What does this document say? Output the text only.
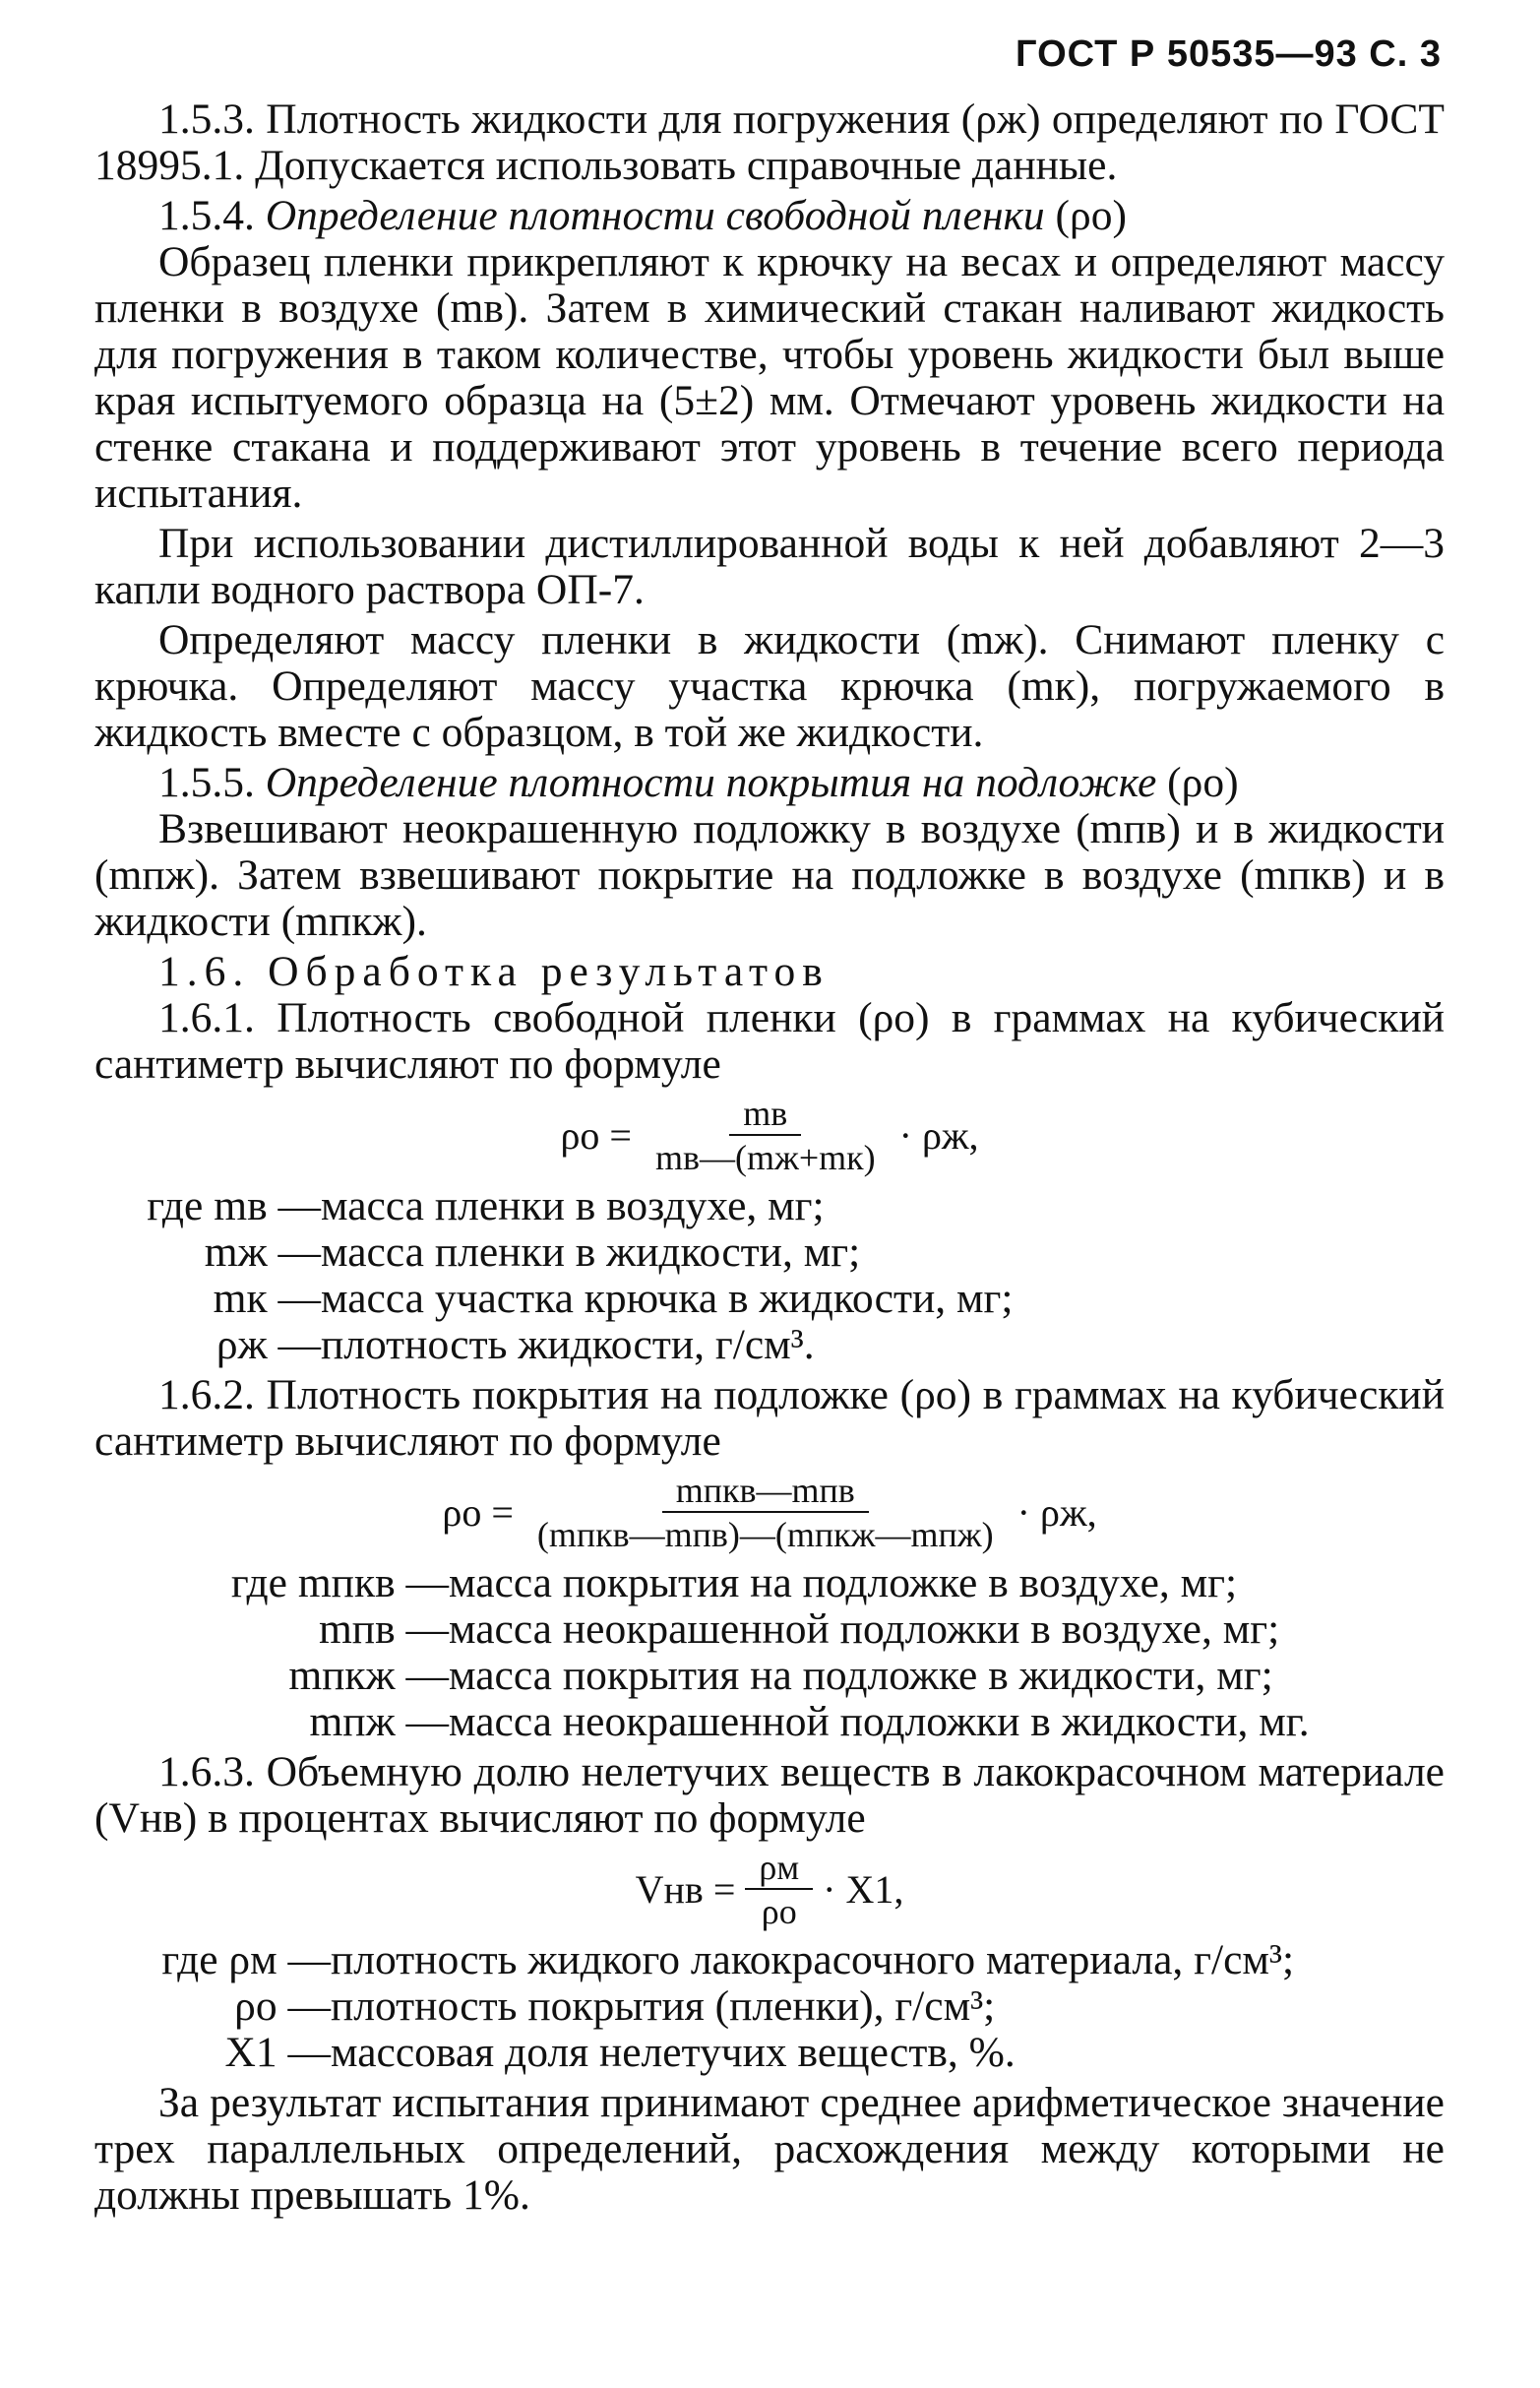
ГОСТ Р 50535—93 С. 3

1.5.3. Плотность жидкости для погружения (ρж) определяют по ГОСТ 18995.1. Допускается использовать справочные данные.

1.5.4. Определение плотности свободной пленки (ρо)

Образец пленки прикрепляют к крючку на весах и определяют массу пленки в воздухе (mв). Затем в химический стакан наливают жидкость для погружения в таком количестве, чтобы уровень жидкости был выше края испытуемого образца на (5±2) мм. Отмечают уровень жидкости на стенке стакана и поддерживают этот уровень в течение всего периода испытания.

При использовании дистиллированной воды к ней добавляют 2—3 капли водного раствора ОП-7.

Определяют массу пленки в жидкости (mж). Снимают пленку с крючка. Определяют массу участка крючка (mк), погружаемого в жидкость вместе с образцом, в той же жидкости.

1.5.5. Определение плотности покрытия на подложке (ρо)

Взвешивают неокрашенную подложку в воздухе (mпв) и в жидкости (mпж). Затем взвешивают покрытие на подложке в воздухе (mпкв) и в жидкости (mпкж).

1.6. Обработка результатов

1.6.1. Плотность свободной пленки (ρо) в граммах на кубический сантиметр вычисляют по формуле

$\rho о = \frac{mв}{mв—(mж+mк)} \cdot \rho ж$,
где mв — масса пленки в воздухе, мг;
mж — масса пленки в жидкости, мг;
mк — масса участка крючка в жидкости, мг;
ρж — плотность жидкости, г/см³.

1.6.2. Плотность покрытия на подложке (ρо) в граммах на кубический сантиметр вычисляют по формуле

$\rho о = \frac{\text{mпкв—mпв}}{\text{(mпкв—mпв)—(mпкж—mпж)}} \cdot \rho ж$,
где mпкв — масса покрытия на подложке в воздухе, мг;
mпв — масса неокрашенной подложки в воздухе, мг;
mпкж — масса покрытия на подложке в жидкости, мг;
mпж — масса неокрашенной подложки в жидкости, мг.

1.6.3. Объемную долю нелетучих веществ в лакокрасочном материале (Vнв) в процентах вычисляют по формуле

Vнв = $\frac{\rho м}{\rho о} \cdot X1$,
где ρм — плотность жидкого лакокрасочного материала, г/см³;
ρо — плотность покрытия (пленки), г/см³;
X1 — массовая доля нелетучих веществ, %.

За результат испытания принимают среднее арифметическое значение трех параллельных определений, расхождения между которыми не должны превышать 1%.
